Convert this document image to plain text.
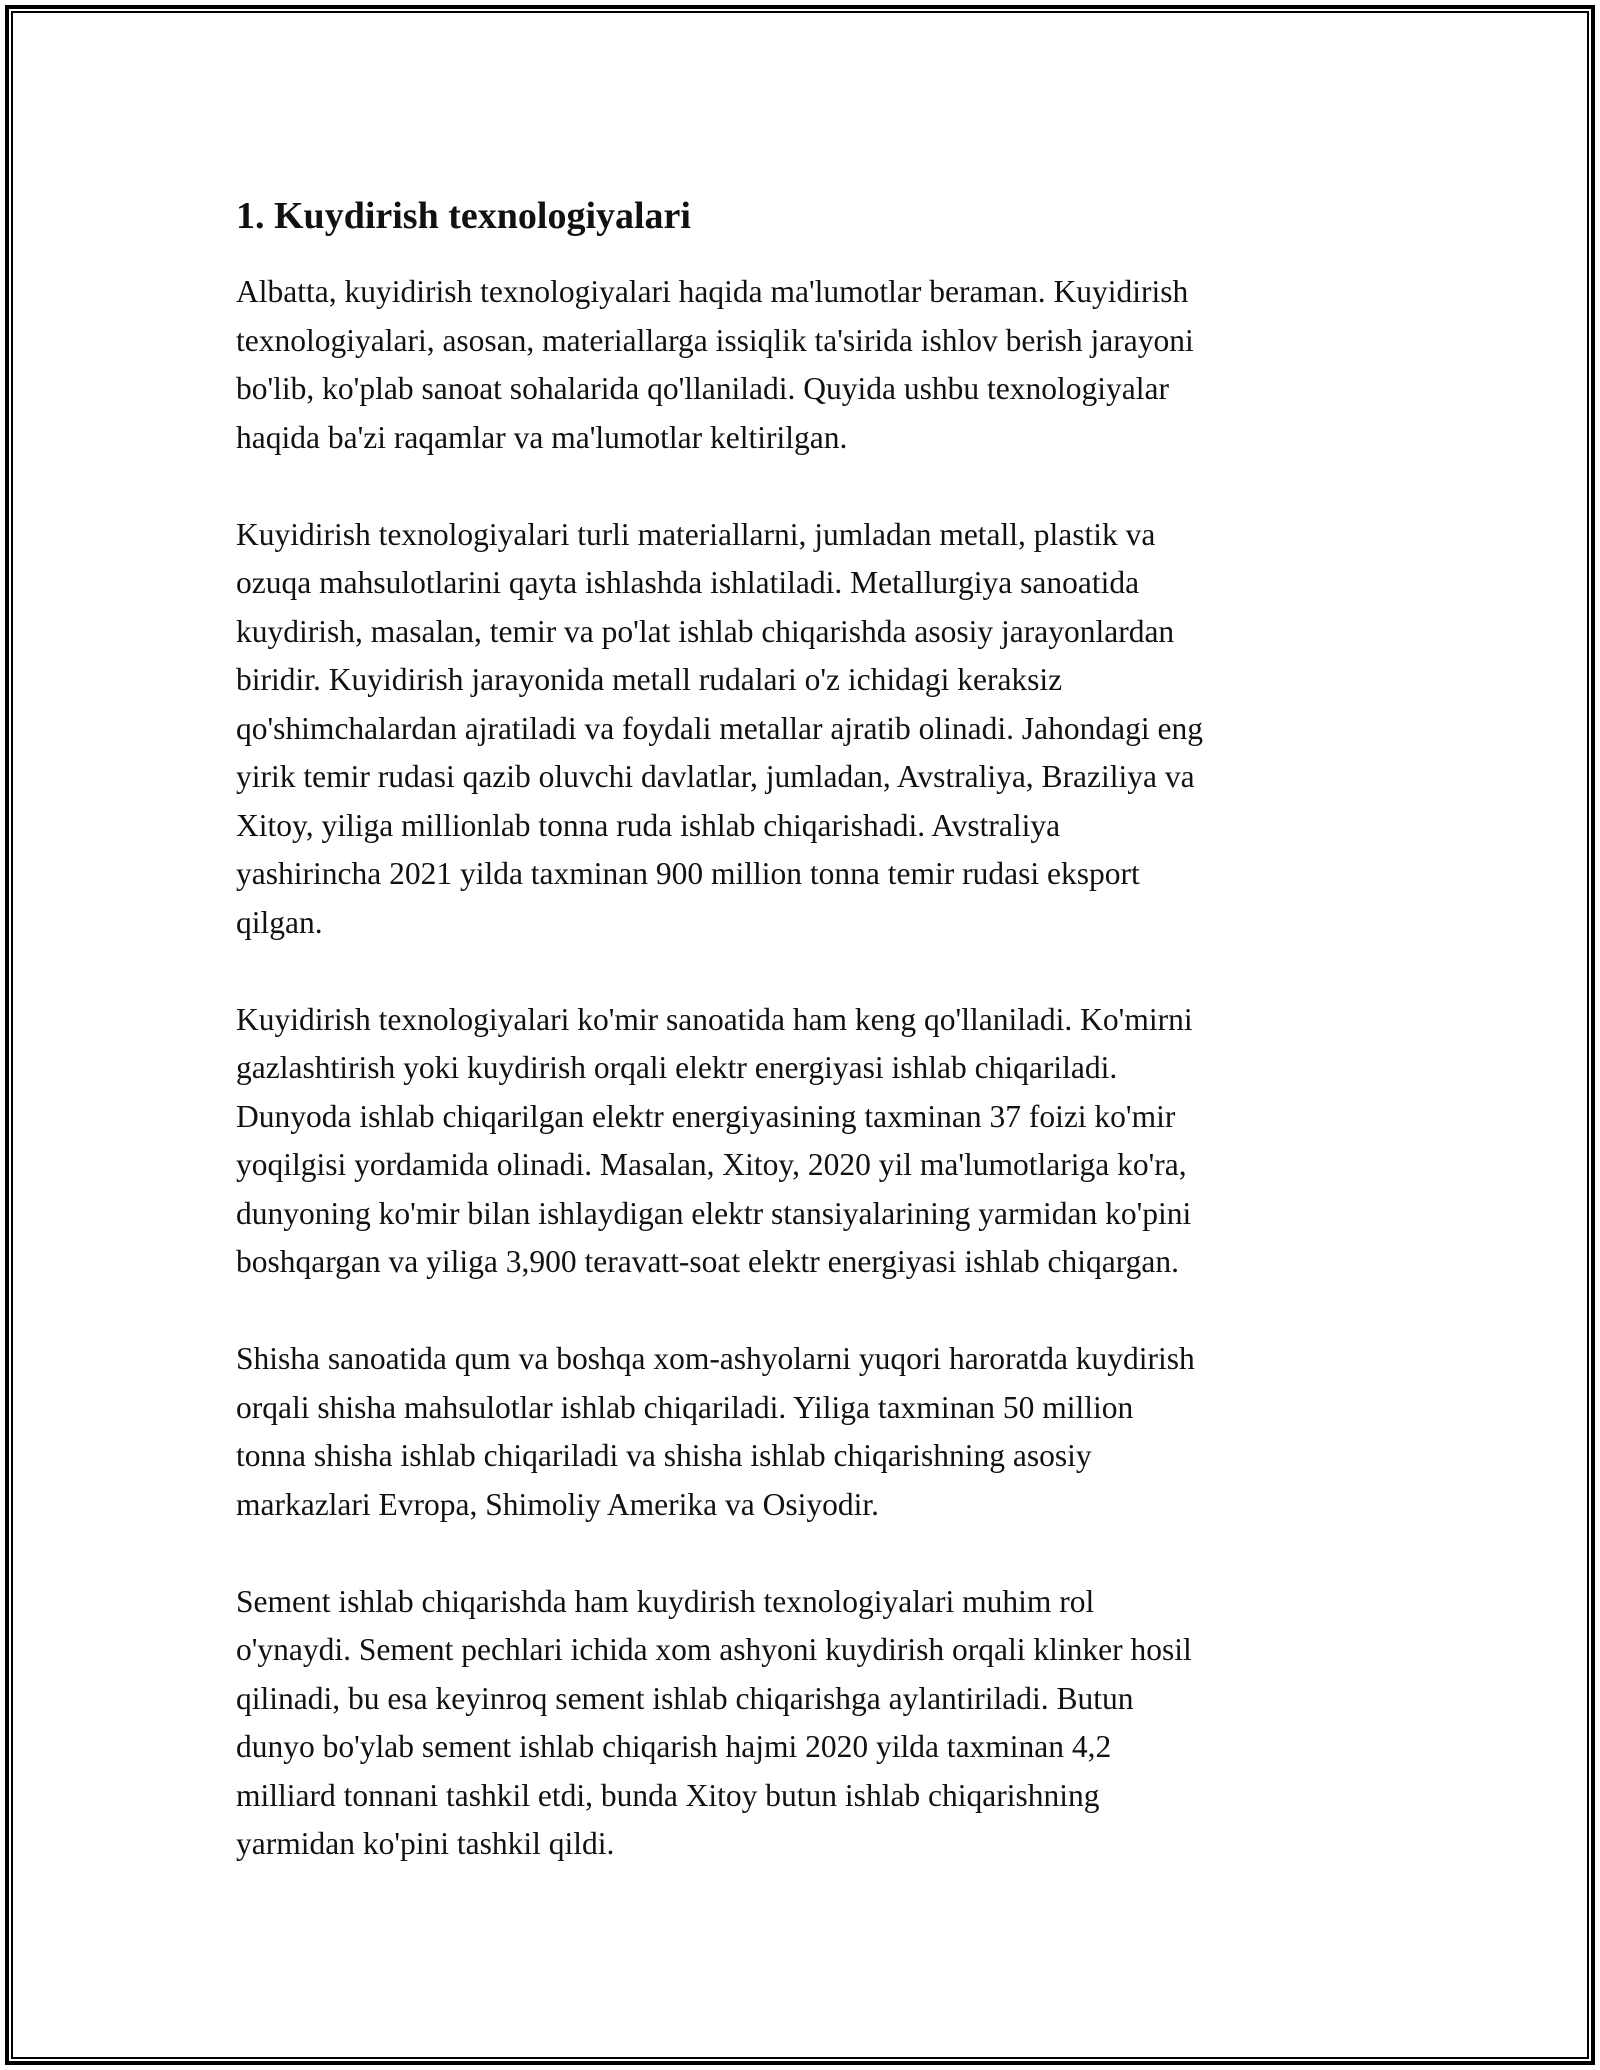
1. Kuydirish texnologiyalari

Albatta, kuyidirish texnologiyalari haqida ma'lumotlar beraman. Kuyidirish
texnologiyalari, asosan, materiallarga issiqlik ta'sirida ishlov berish jarayoni
bo'lib, ko'plab sanoat sohalarida qo'llaniladi. Quyida ushbu texnologiyalar
haqida ba'zi raqamlar va ma'lumotlar keltirilgan.

Kuyidirish texnologiyalari turli materiallarni, jumladan metall, plastik va
ozuqa mahsulotlarini qayta ishlashda ishlatiladi. Metallurgiya sanoatida
kuydirish, masalan, temir va po'lat ishlab chiqarishda asosiy jarayonlardan
biridir. Kuyidirish jarayonida metall rudalari o'z ichidagi keraksiz
qo'shimchalardan ajratiladi va foydali metallar ajratib olinadi. Jahondagi eng
yirik temir rudasi qazib oluvchi davlatlar, jumladan, Avstraliya, Braziliya va
Xitoy, yiliga millionlab tonna ruda ishlab chiqarishadi. Avstraliya
yashirincha 2021 yilda taxminan 900 million tonna temir rudasi eksport
qilgan.

Kuyidirish texnologiyalari ko'mir sanoatida ham keng qo'llaniladi. Ko'mirni
gazlashtirish yoki kuydirish orqali elektr energiyasi ishlab chiqariladi.
Dunyoda ishlab chiqarilgan elektr energiyasining taxminan 37 foizi ko'mir
yoqilgisi yordamida olinadi. Masalan, Xitoy, 2020 yil ma'lumotlariga ko'ra,
dunyoning ko'mir bilan ishlaydigan elektr stansiyalarining yarmidan ko'pini
boshqargan va yiliga 3,900 teravatt-soat elektr energiyasi ishlab chiqargan.

Shisha sanoatida qum va boshqa xom-ashyolarni yuqori haroratda kuydirish
orqali shisha mahsulotlar ishlab chiqariladi. Yiliga taxminan 50 million
tonna shisha ishlab chiqariladi va shisha ishlab chiqarishning asosiy
markazlari Evropa, Shimoliy Amerika va Osiyodir.

Sement ishlab chiqarishda ham kuydirish texnologiyalari muhim rol
o'ynaydi. Sement pechlari ichida xom ashyoni kuydirish orqali klinker hosil
qilinadi, bu esa keyinroq sement ishlab chiqarishga aylantiriladi. Butun
dunyo bo'ylab sement ishlab chiqarish hajmi 2020 yilda taxminan 4,2
milliard tonnani tashkil etdi, bunda Xitoy butun ishlab chiqarishning
yarmidan ko'pini tashkil qildi.
